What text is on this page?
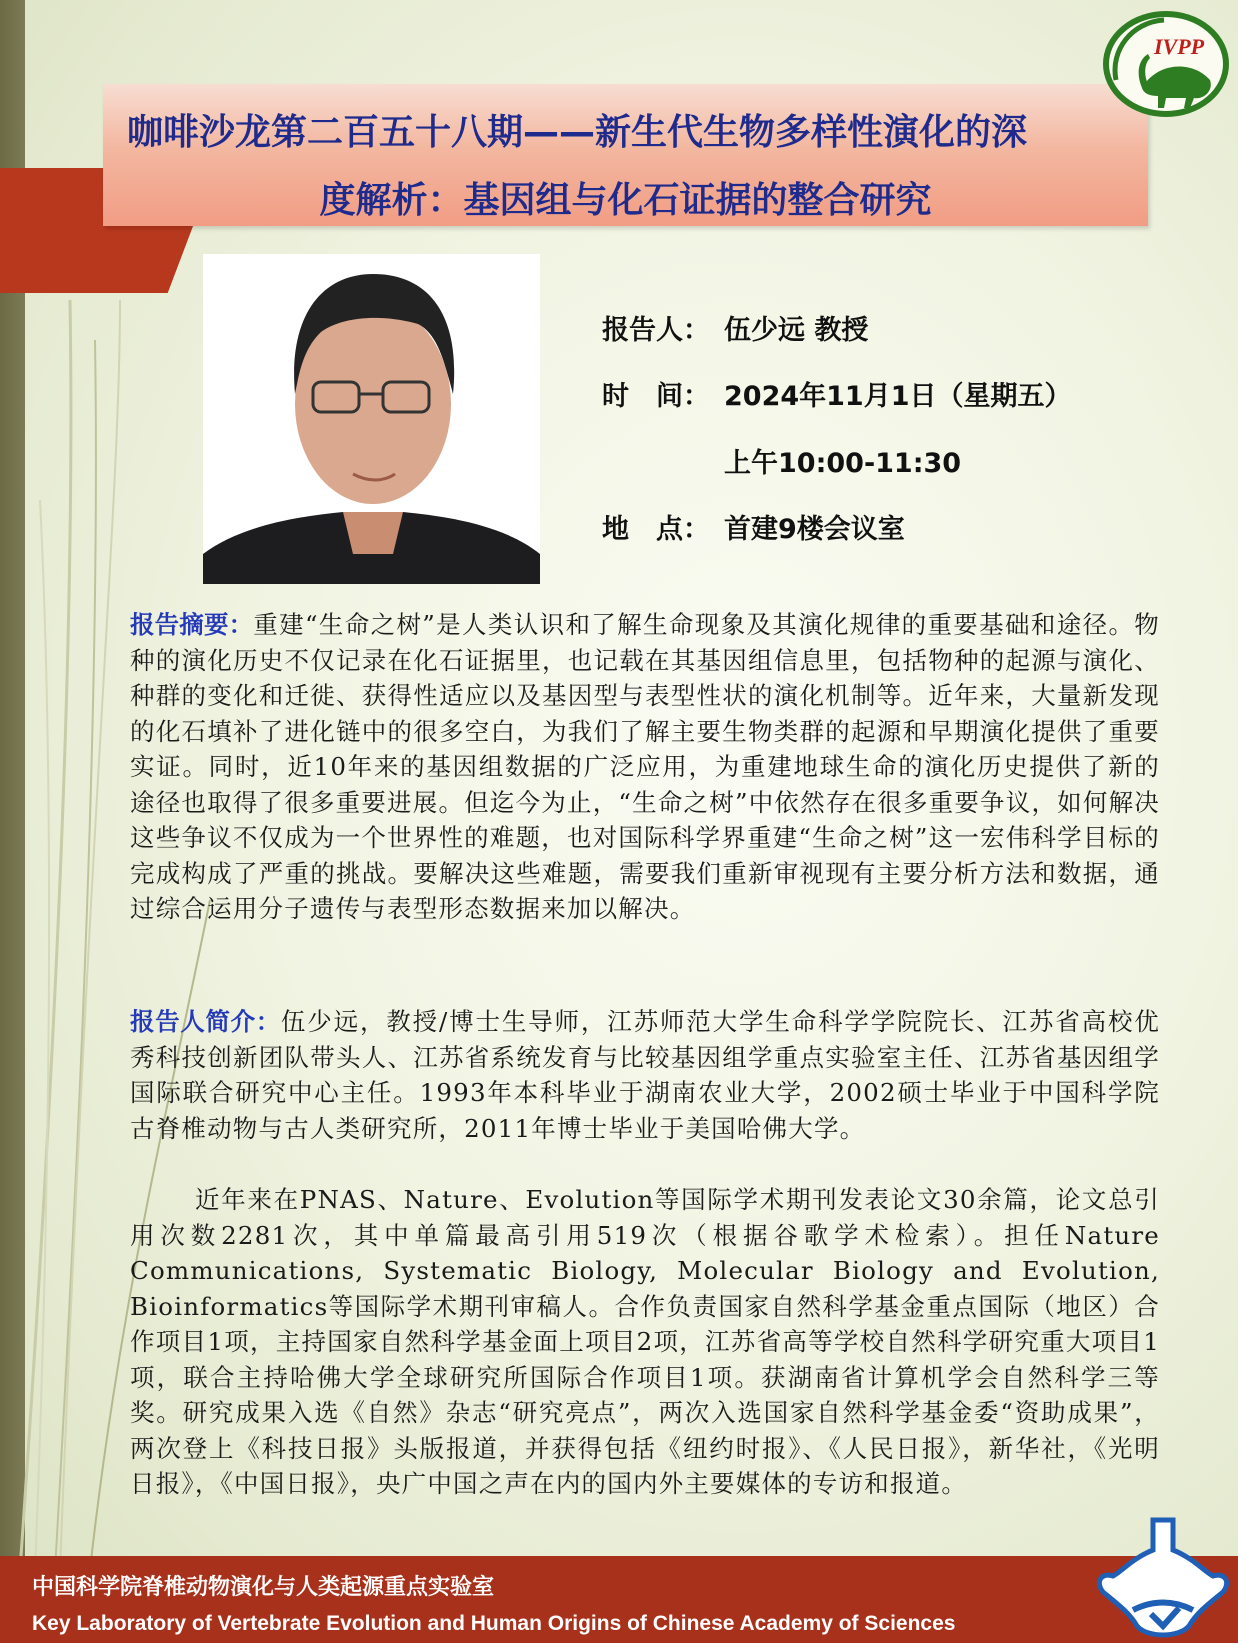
咖啡沙龙第二百五十八期——新生代生物多样性演化的深
度解析：基因组与化石证据的整合研究
IVPP
报告人： 伍少远 教授
时　间： 2024年11月1日（星期五）
上午10:00-11:30
地　点： 首建9楼会议室
报告摘要：重建“生命之树”是人类认识和了解生命现象及其演化规律的重要基础和途径。物种的演化历史不仅记录在化石证据里，也记载在其基因组信息里，包括物种的起源与演化、种群的变化和迁徙、获得性适应以及基因型与表型性状的演化机制等。近年来，大量新发现的化石填补了进化链中的很多空白，为我们了解主要生物类群的起源和早期演化提供了重要实证。同时，近10年来的基因组数据的广泛应用，为重建地球生命的演化历史提供了新的途径也取得了很多重要进展。但迄今为止，“生命之树”中依然存在很多重要争议，如何解决这些争议不仅成为一个世界性的难题，也对国际科学界重建“生命之树”这一宏伟科学目标的完成构成了严重的挑战。要解决这些难题，需要我们重新审视现有主要分析方法和数据，通过综合运用分子遗传与表型形态数据来加以解决。
报告人简介：伍少远，教授/博士生导师，江苏师范大学生命科学学院院长、江苏省高校优秀科技创新团队带头人、江苏省系统发育与比较基因组学重点实验室主任、江苏省基因组学国际联合研究中心主任。1993年本科毕业于湖南农业大学，2002硕士毕业于中国科学院古脊椎动物与古人类研究所，2011年博士毕业于美国哈佛大学。
近年来在PNAS、Nature、Evolution等国际学术期刊发表论文30余篇，论文总引用次数2281次，其中单篇最高引用519次（根据谷歌学术检索）。担任Nature Communications, Systematic Biology, Molecular Biology and Evolution, Bioinformatics等国际学术期刊审稿人。合作负责国家自然科学基金重点国际（地区）合作项目1项，主持国家自然科学基金面上项目2项，江苏省高等学校自然科学研究重大项目1项，联合主持哈佛大学全球研究所国际合作项目1项。获湖南省计算机学会自然科学三等奖。研究成果入选《自然》杂志“研究亮点”，两次入选国家自然科学基金委“资助成果”，两次登上《科技日报》头版报道，并获得包括《纽约时报》、《人民日报》，新华社，《光明日报》，《中国日报》，央广中国之声在内的国内外主要媒体的专访和报道。
中国科学院脊椎动物演化与人类起源重点实验室
Key Laboratory of Vertebrate Evolution and Human Origins of Chinese Academy of Sciences
